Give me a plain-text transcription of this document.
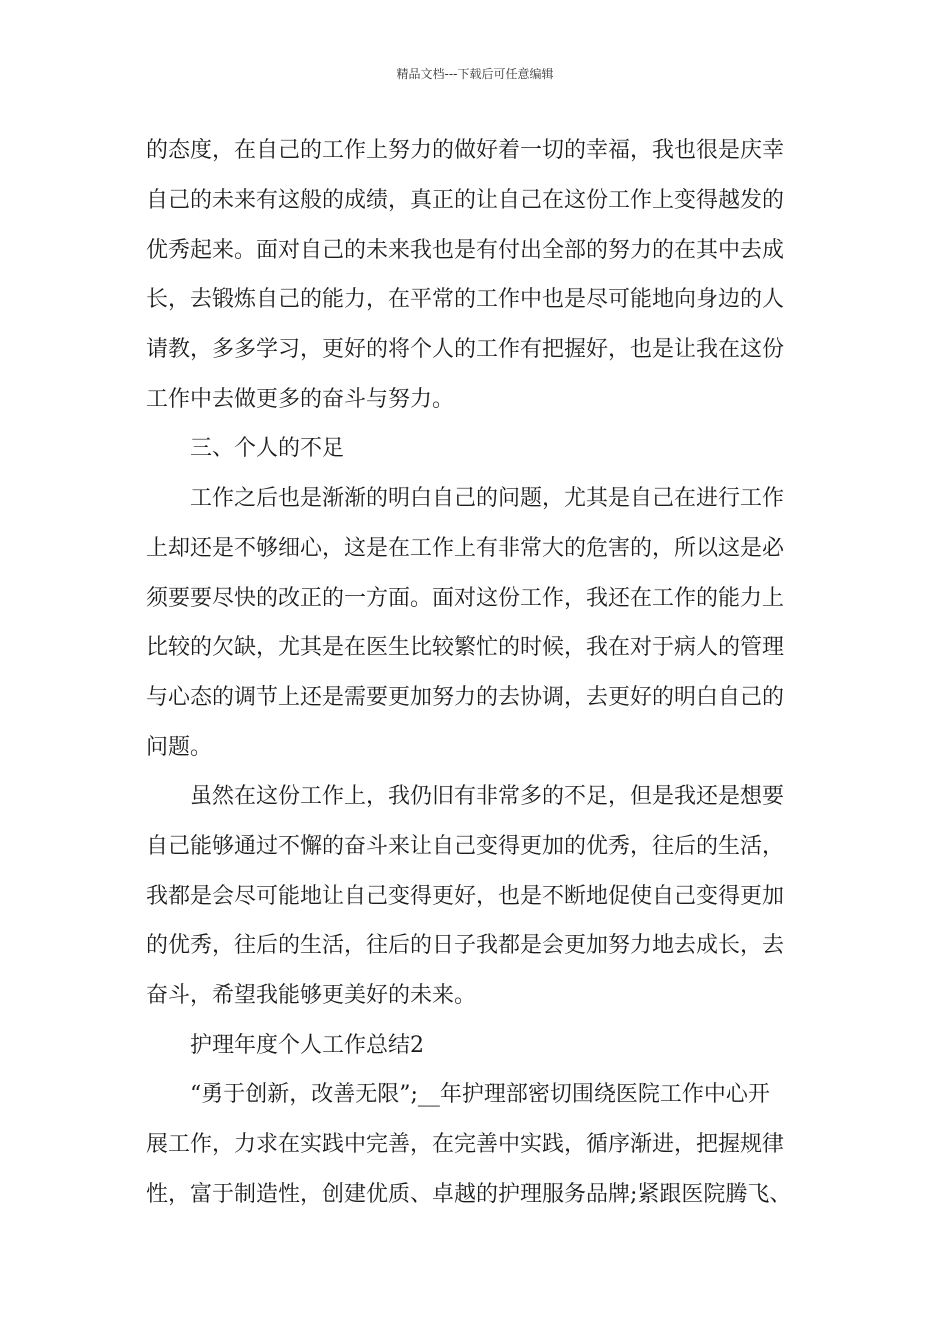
精品文档---下载后可任意编辑
的态度，在自己的工作上努力的做好着一切的幸福，我也很是庆幸
自己的未来有这般的成绩，真正的让自己在这份工作上变得越发的
优秀起来。面对自己的未来我也是有付出全部的努力的在其中去成
长，去锻炼自己的能力，在平常的工作中也是尽可能地向身边的人
请教，多多学习，更好的将个人的工作有把握好，也是让我在这份
工作中去做更多的奋斗与努力。
三、个人的不足
工作之后也是渐渐的明白自己的问题，尤其是自己在进行工作
上却还是不够细心，这是在工作上有非常大的危害的，所以这是必
须要要尽快的改正的一方面。面对这份工作，我还在工作的能力上
比较的欠缺，尤其是在医生比较繁忙的时候，我在对于病人的管理
与心态的调节上还是需要更加努力的去协调，去更好的明白自己的
问题。
虽然在这份工作上，我仍旧有非常多的不足，但是我还是想要
自己能够通过不懈的奋斗来让自己变得更加的优秀，往后的生活，
我都是会尽可能地让自己变得更好，也是不断地促使自己变得更加
的优秀，往后的生活，往后的日子我都是会更加努力地去成长，去
奋斗，希望我能够更美好的未来。
护理年度个人工作总结2
“勇于创新，改善无限”;__年护理部密切围绕医院工作中心开
展工作，力求在实践中完善，在完善中实践，循序渐进，把握规律
性，富于制造性，创建优质、卓越的护理服务品牌;紧跟医院腾飞、
